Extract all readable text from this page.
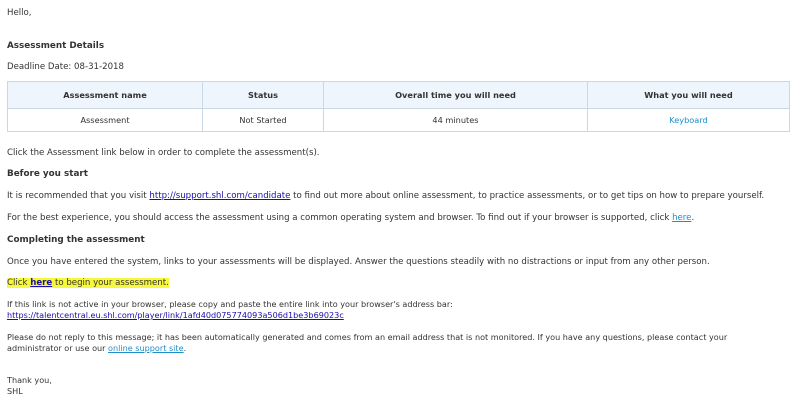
Hello,
Assessment Details
Deadline Date: 08-31-2018
Assessment name	Status	Overall time you will need	What you will need
Assessment	Not Started	44 minutes	Keyboard
Click the Assessment link below in order to complete the assessment(s).
Before you start
It is recommended that you visit http://support.shl.com/candidate to find out more about online assessment, to practice assessments, or to get tips on how to prepare yourself.
For the best experience, you should access the assessment using a common operating system and browser. To find out if your browser is supported, click here.
Completing the assessment
Once you have entered the system, links to your assessments will be displayed. Answer the questions steadily with no distractions or input from any other person.
Click here to begin your assessment.
If this link is not active in your browser, please copy and paste the entire link into your browser's address bar:
https://talentcentral.eu.shl.com/player/link/1afd40d075774093a506d1be3b69023c
Please do not reply to this message; it has been automatically generated and comes from an email address that is not monitored. If you have any questions, please contact your
administrator or use our online support site.
Thank you,
SHL
